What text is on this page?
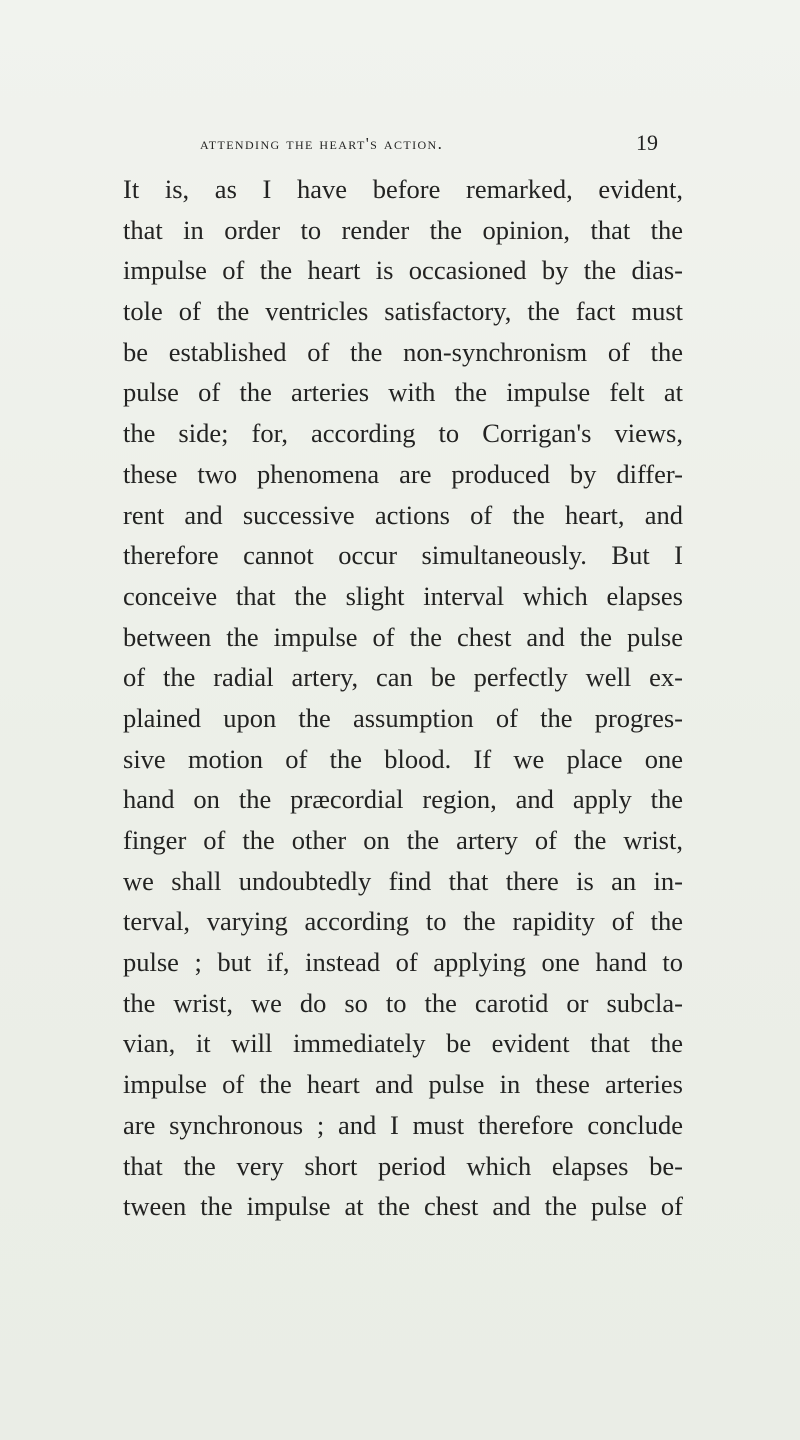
attending the heart's action.	19
It is, as I have before remarked, evident,
that in order to render the opinion, that the
impulse of the heart is occasioned by the dias-
tole of the ventricles satisfactory, the fact must
be established of the non-synchronism of the
pulse of the arteries with the impulse felt at
the side; for, according to Corrigan's views,
these two phenomena are produced by differ-
rent and successive actions of the heart, and
therefore cannot occur simultaneously. But I
conceive that the slight interval which elapses
between the impulse of the chest and the pulse
of the radial artery, can be perfectly well ex-
plained upon the assumption of the progres-
sive motion of the blood. If we place one
hand on the præcordial region, and apply the
finger of the other on the artery of the wrist,
we shall undoubtedly find that there is an in-
terval, varying according to the rapidity of the
pulse ; but if, instead of applying one hand to
the wrist, we do so to the carotid or subcla-
vian, it will immediately be evident that the
impulse of the heart and pulse in these arteries
are synchronous ; and I must therefore conclude
that the very short period which elapses be-
tween the impulse at the chest and the pulse of
